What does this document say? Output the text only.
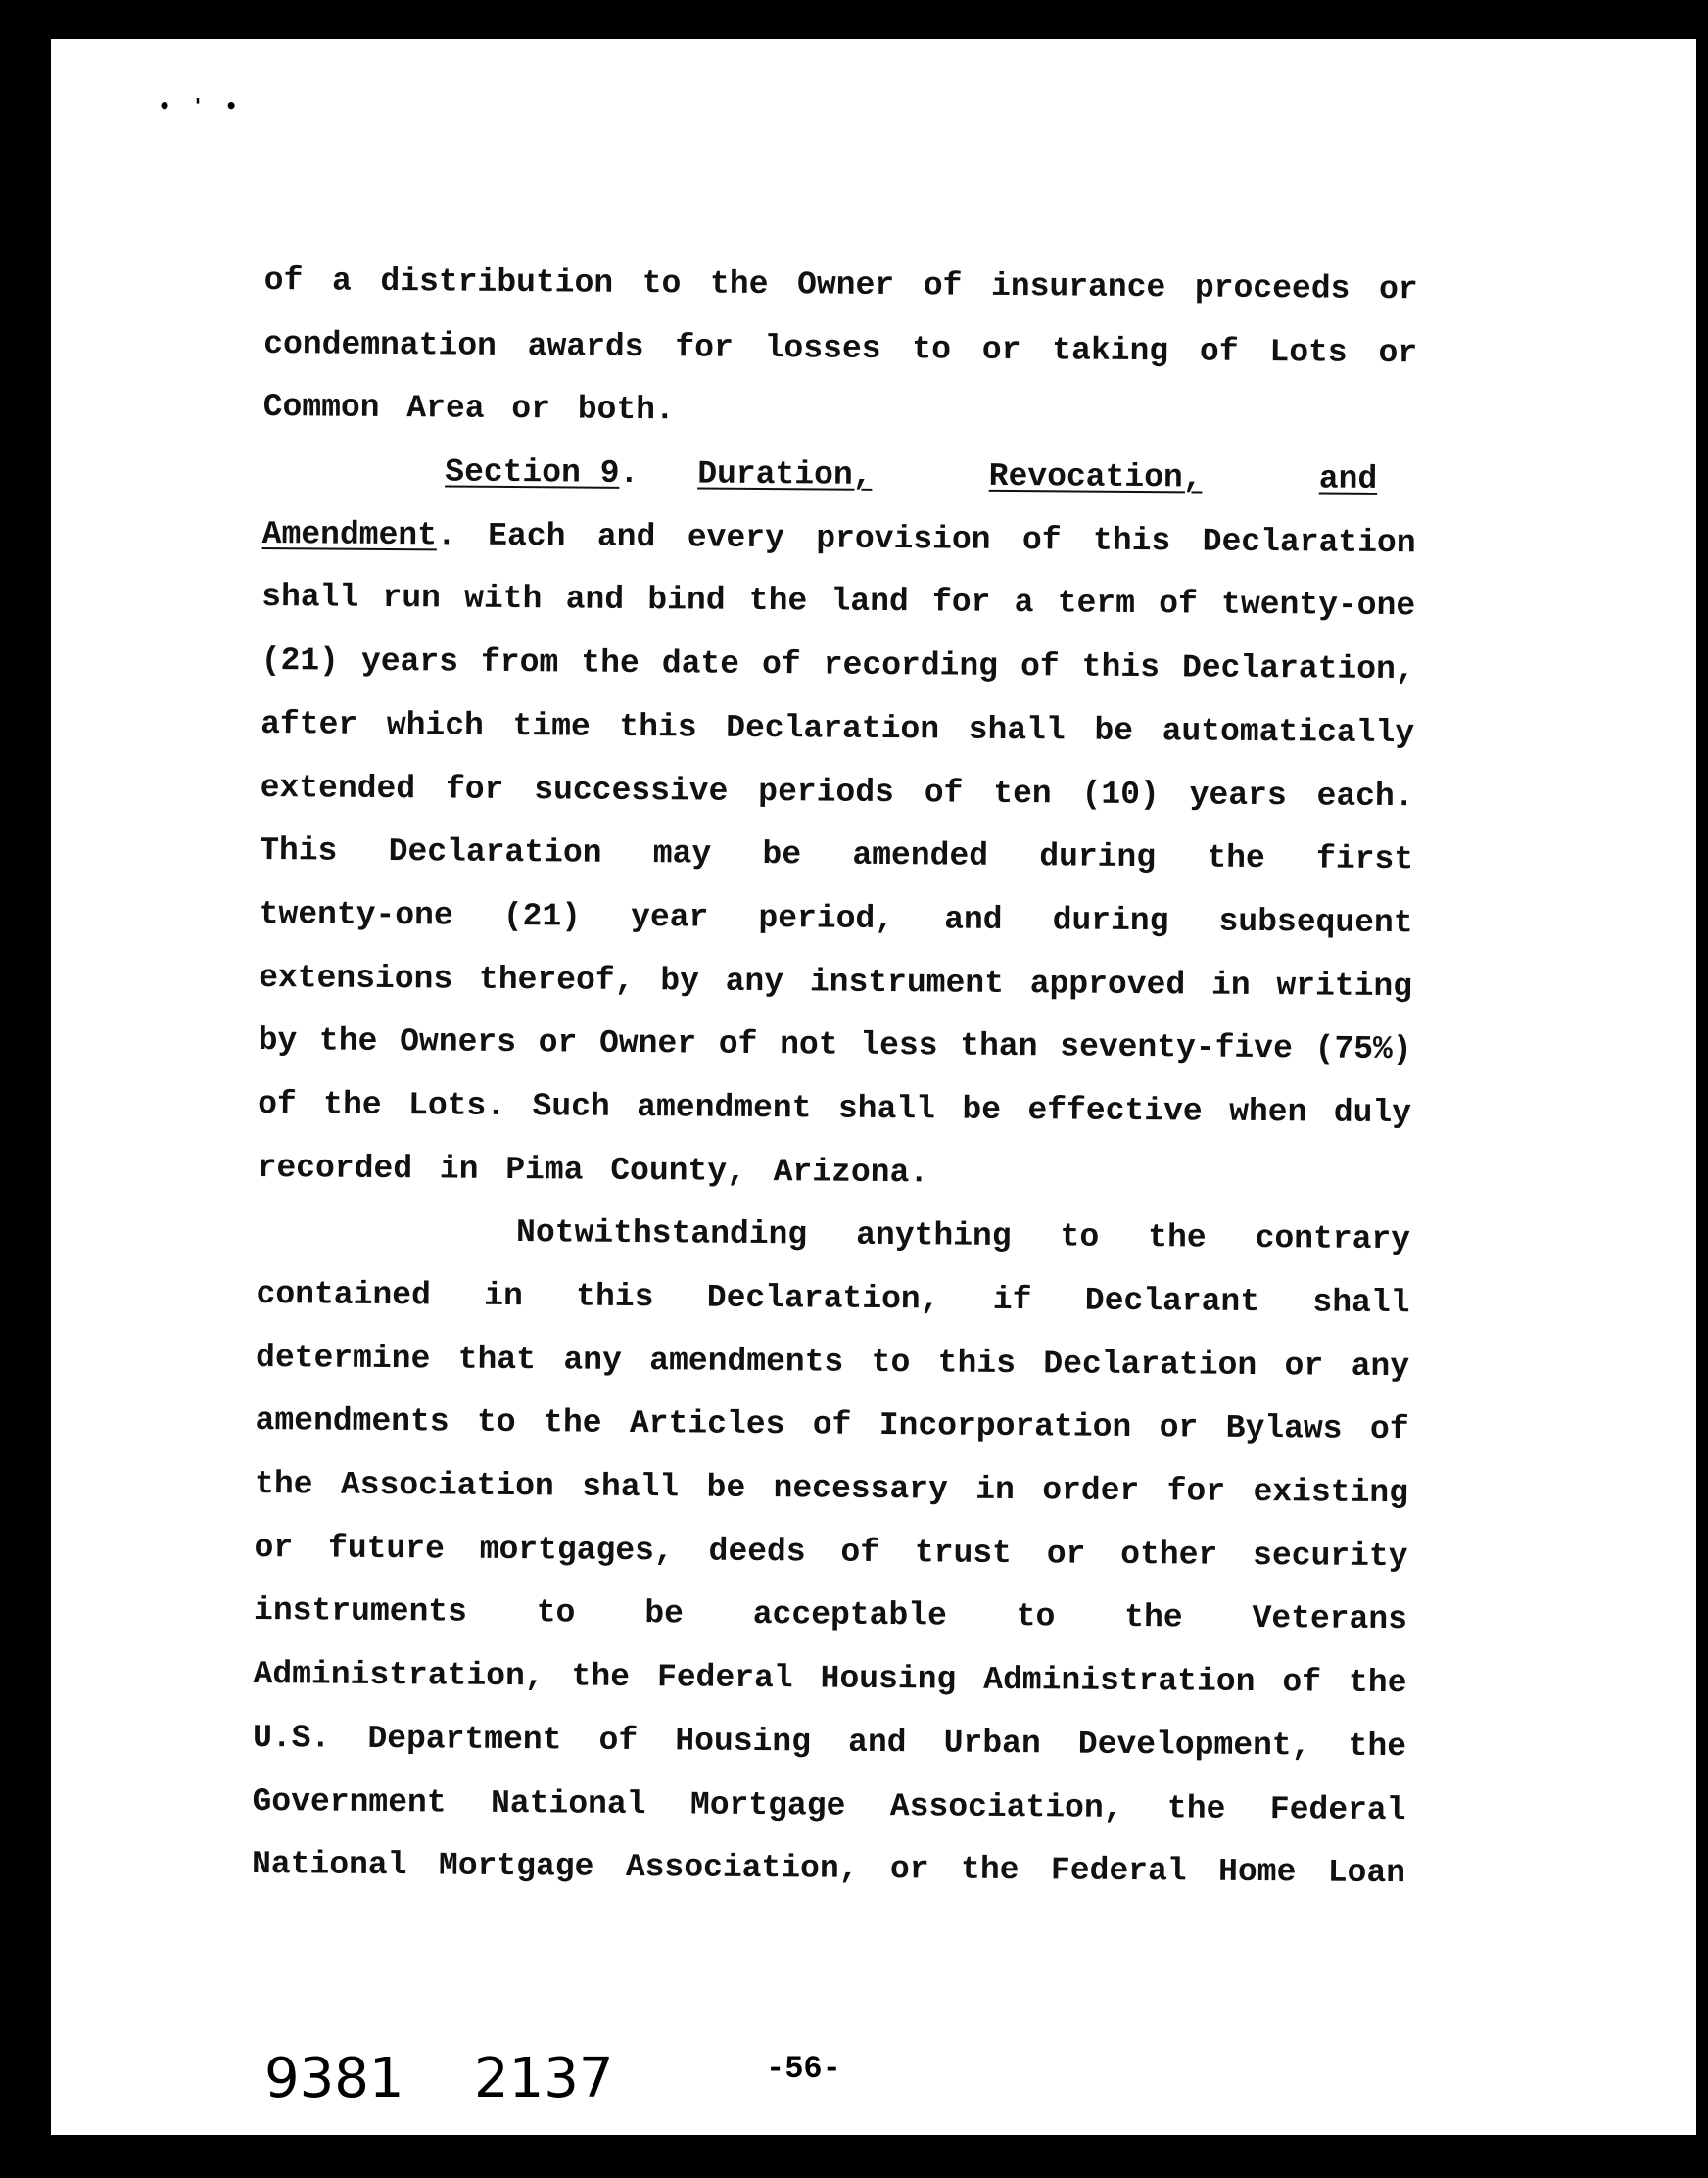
•'•
of a distribution to the Owner of insurance proceeds or
condemnation awards for losses to or taking of Lots or
Common Area or both.
Section 9. Duration,	Revocation,	and
Amendment. Each and every provision of this Declaration
shall run with and bind the land for a term of twenty-one
(21) years from the date of recording of this Declaration,
after which time this Declaration shall be automatically
extended for successive periods of ten (10) years each.
This Declaration may be amended during the first
twenty-one (21) year period, and during subsequent
extensions thereof, by any instrument approved in writing
by the Owners or Owner of not less than seventy-five (75%)
of the Lots. Such amendment shall be effective when duly
recorded in Pima County, Arizona.
Notwithstanding anything to the contrary
contained in this Declaration, if Declarant shall
determine that any amendments to this Declaration or any
amendments to the Articles of Incorporation or Bylaws of
the Association shall be necessary in order for existing
or future mortgages, deeds of trust or other security
instruments to be acceptable to the Veterans
Administration, the Federal Housing Administration of the
U.S. Department of Housing and Urban Development, the
Government National Mortgage Association, the Federal
National Mortgage Association, or the Federal Home Loan
9381 2137	-56-
